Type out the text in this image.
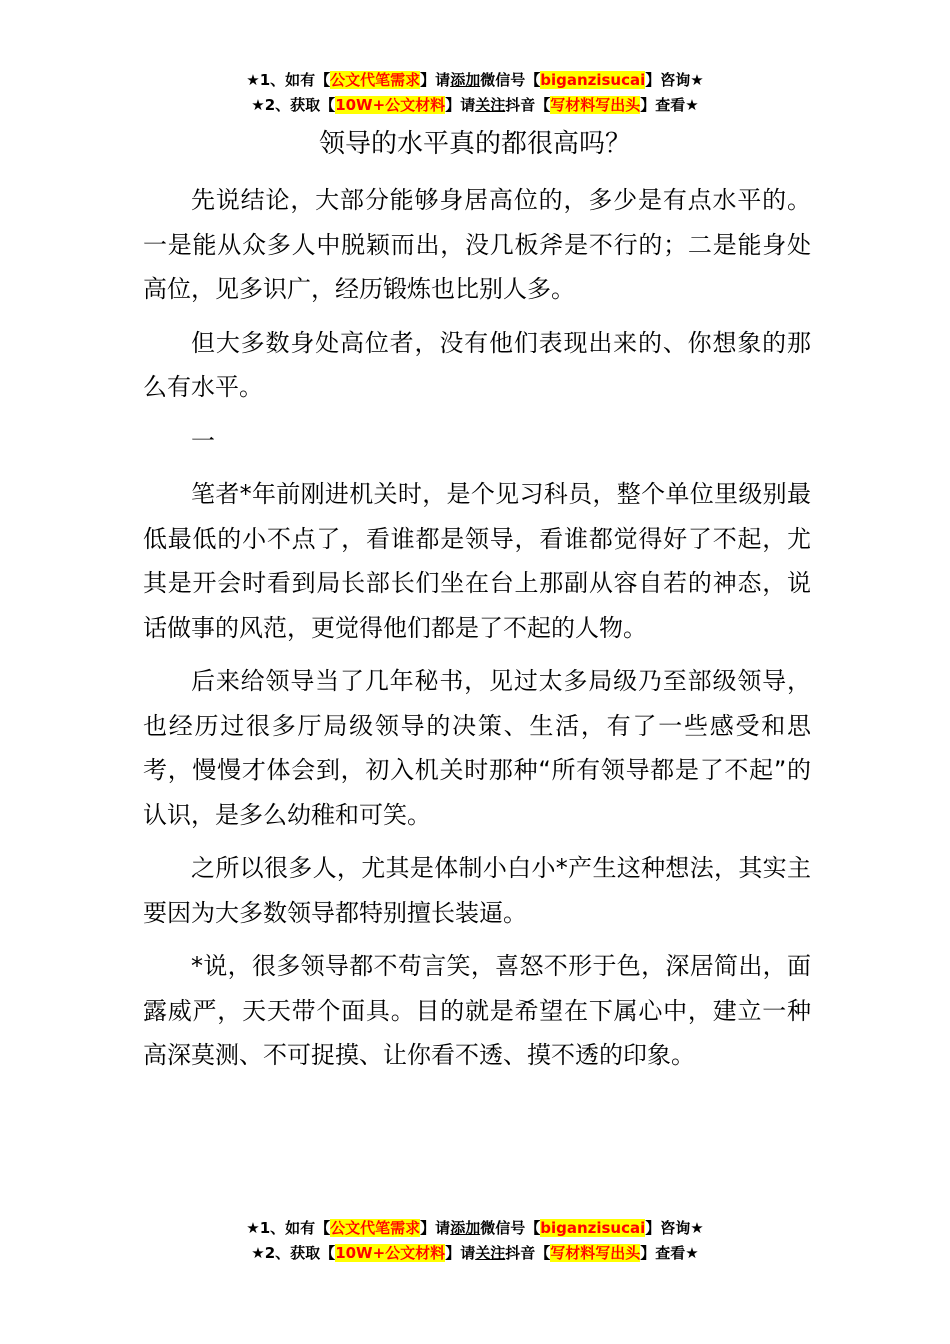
★1、如有【公文代笔需求】请添加微信号【biganzisucai】咨询★
★2、获取【10W+公文材料】请关注抖音【写材料写出头】查看★
领导的水平真的都很高吗？

先说结论，大部分能够身居高位的，多少是有点水平的。一是能从众多人中脱颖而出，没几板斧是不行的；二是能身处高位，见多识广，经历锻炼也比别人多。

但大多数身处高位者，没有他们表现出来的、你想象的那么有水平。

一

笔者*年前刚进机关时，是个见习科员，整个单位里级别最低最低的小不点了，看谁都是领导，看谁都觉得好了不起，尤其是开会时看到局长部长们坐在台上那副从容自若的神态，说话做事的风范，更觉得他们都是了不起的人物。

后来给领导当了几年秘书，见过太多局级乃至部级领导，也经历过很多厅局级领导的决策、生活，有了一些感受和思考，慢慢才体会到，初入机关时那种“所有领导都是了不起”的认识，是多么幼稚和可笑。

之所以很多人，尤其是体制小白小*产生这种想法，其实主要因为大多数领导都特别擅长装逼。

*说，很多领导都不苟言笑，喜怒不形于色，深居简出，面露威严，天天带个面具。目的就是希望在下属心中，建立一种高深莫测、不可捉摸、让你看不透、摸不透的印象。

★1、如有【公文代笔需求】请添加微信号【biganzisucai】咨询★
★2、获取【10W+公文材料】请关注抖音【写材料写出头】查看★
